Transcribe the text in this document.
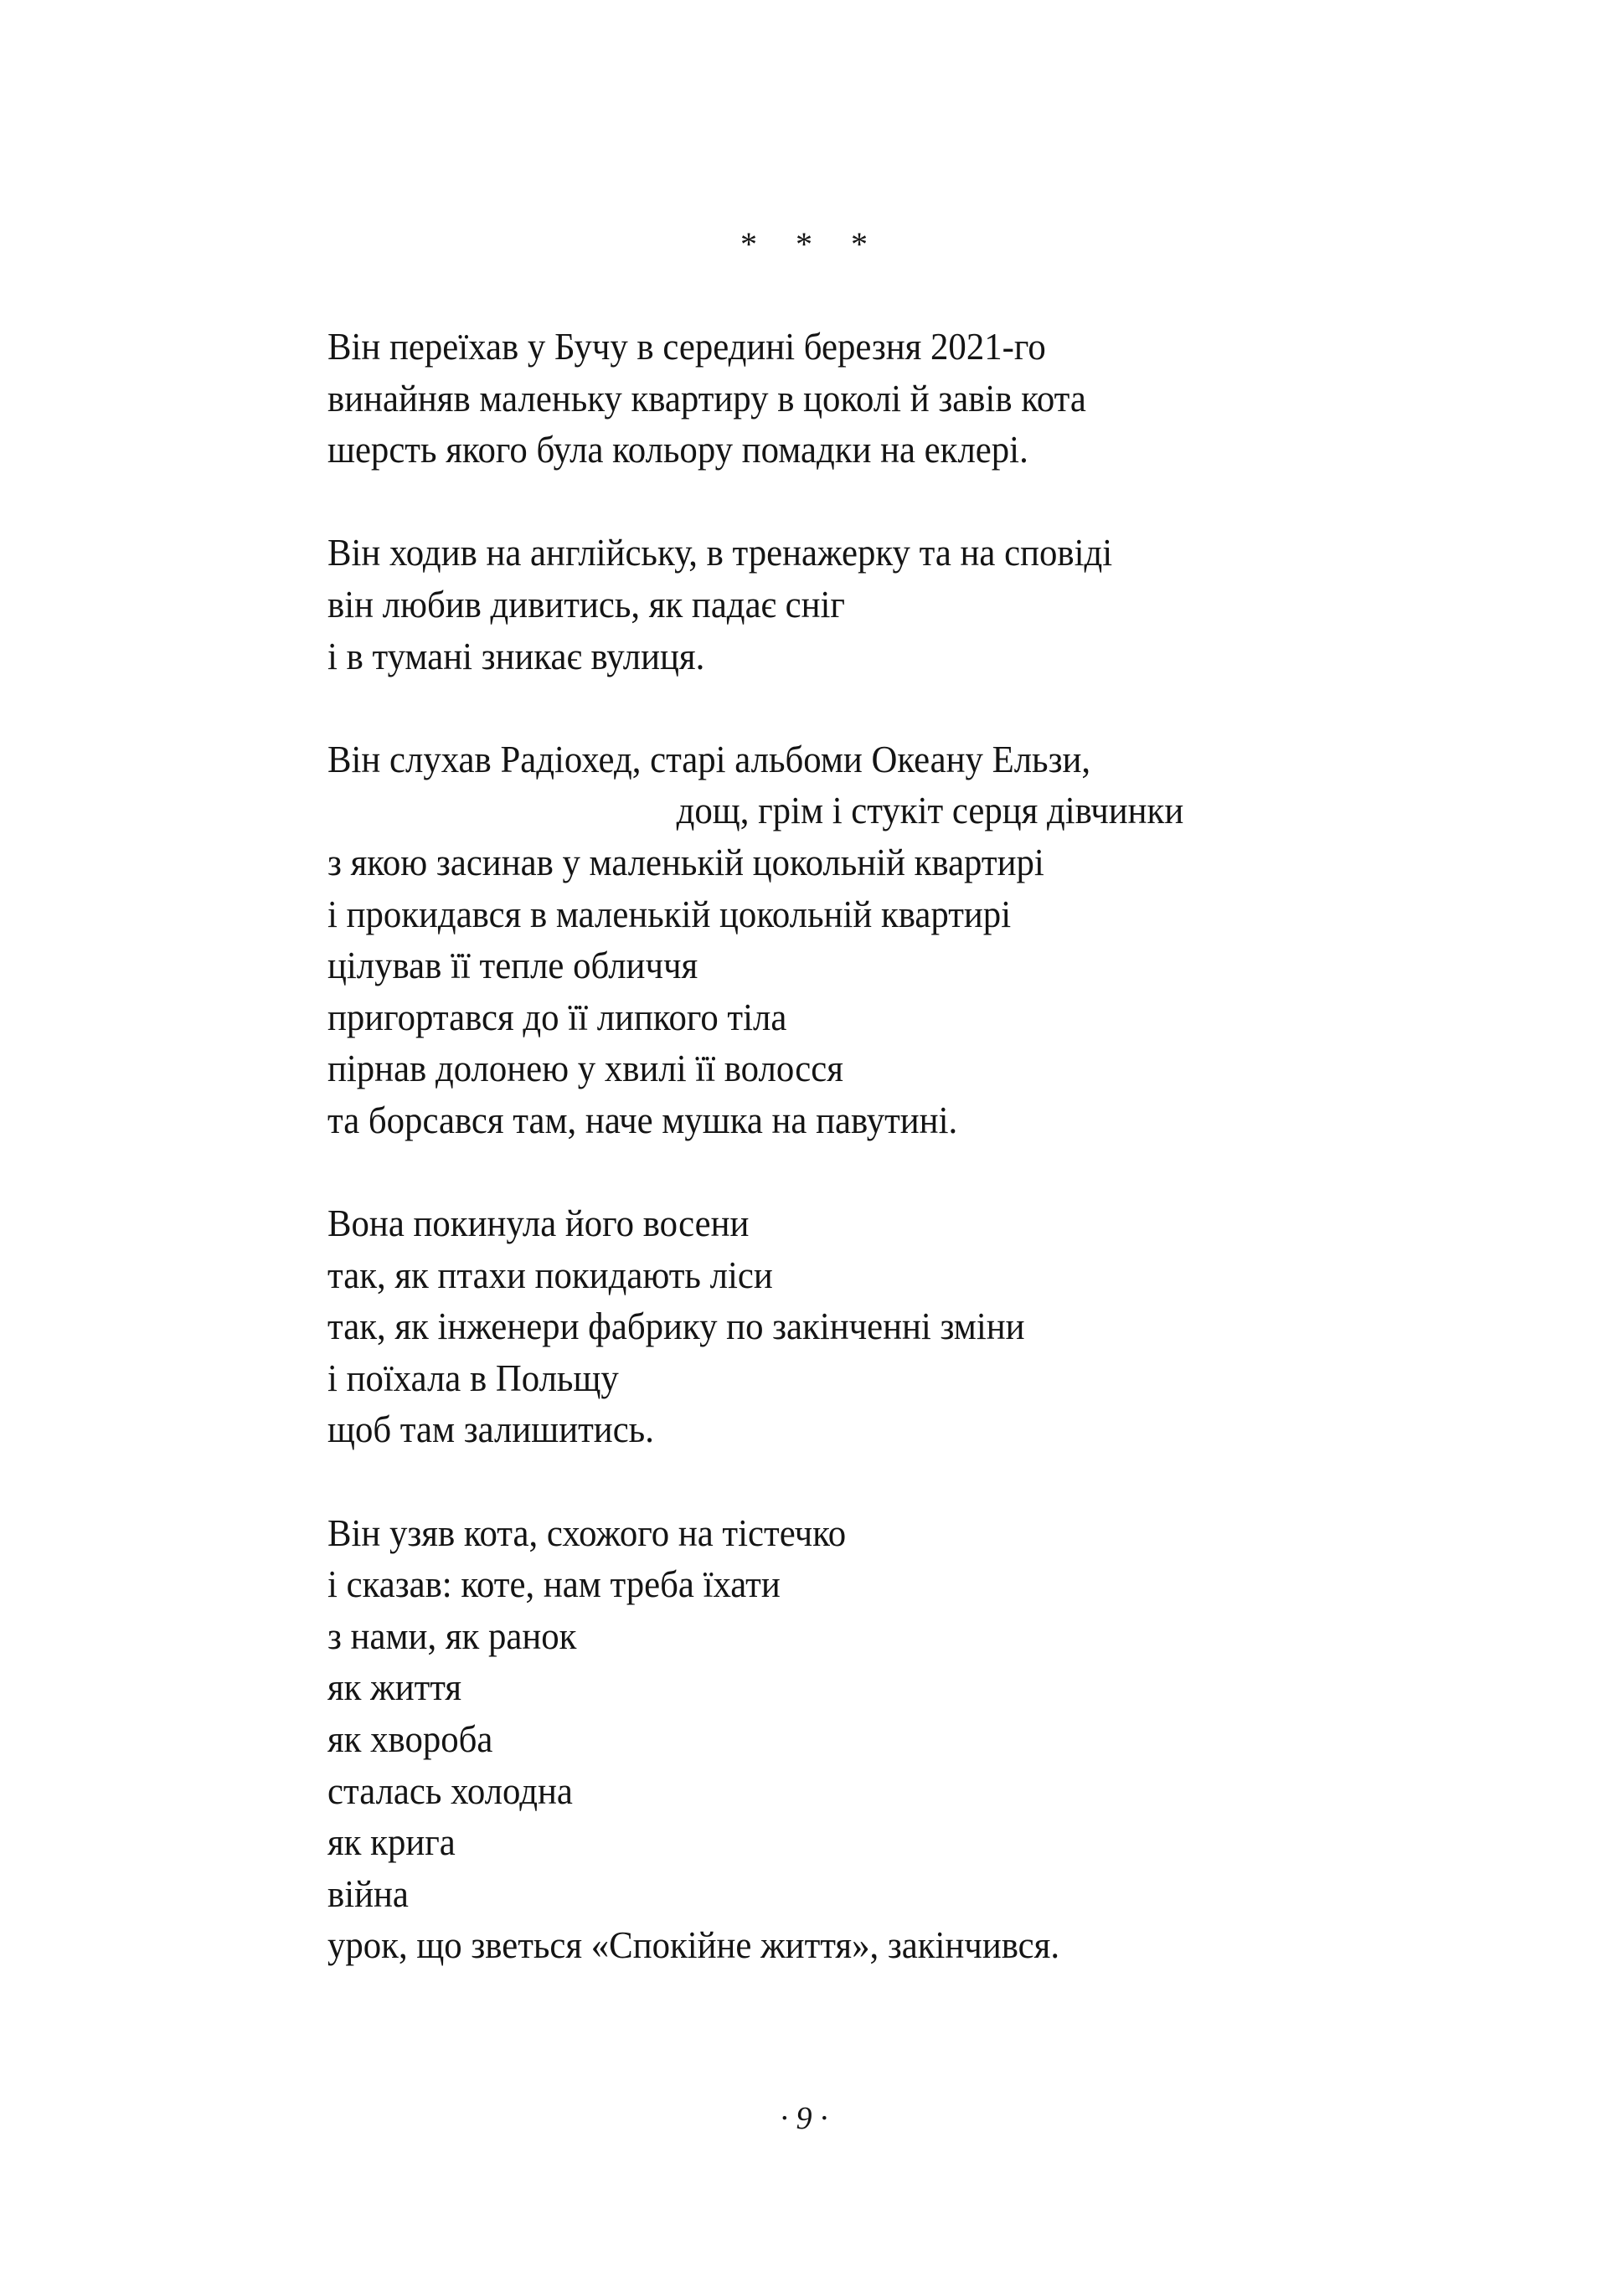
* * *
Він переїхав у Бучу в середині березня 2021-го
винайняв маленьку квартиру в цоколі й завів кота
шерсть якого була кольору помадки на еклері.
Він ходив на англійську, в тренажерку та на сповіді
він любив дивитись, як падає сніг
і в тумані зникає вулиця.
Він слухав Радіохед, старі альбоми Океану Ельзи,
дощ, грім і стукіт серця дівчинки
з якою засинав у маленькій цокольній квартирі
і прокидався в маленькій цокольній квартирі
цілував її тепле обличчя
пригортався до її липкого тіла
пірнав долонею у хвилі її волосся
та борсався там, наче мушка на павутині.
Вона покинула його восени
так, як птахи покидають ліси
так, як інженери фабрику по закінченні зміни
і поїхала в Польщу
щоб там залишитись.
Він узяв кота, схожого на тістечко
і сказав: коте, нам треба їхати
з нами, як ранок
як життя
як хвороба
сталась холодна
як крига
війна
урок, що зветься «Спокійне життя», закінчився.
· 9 ·
